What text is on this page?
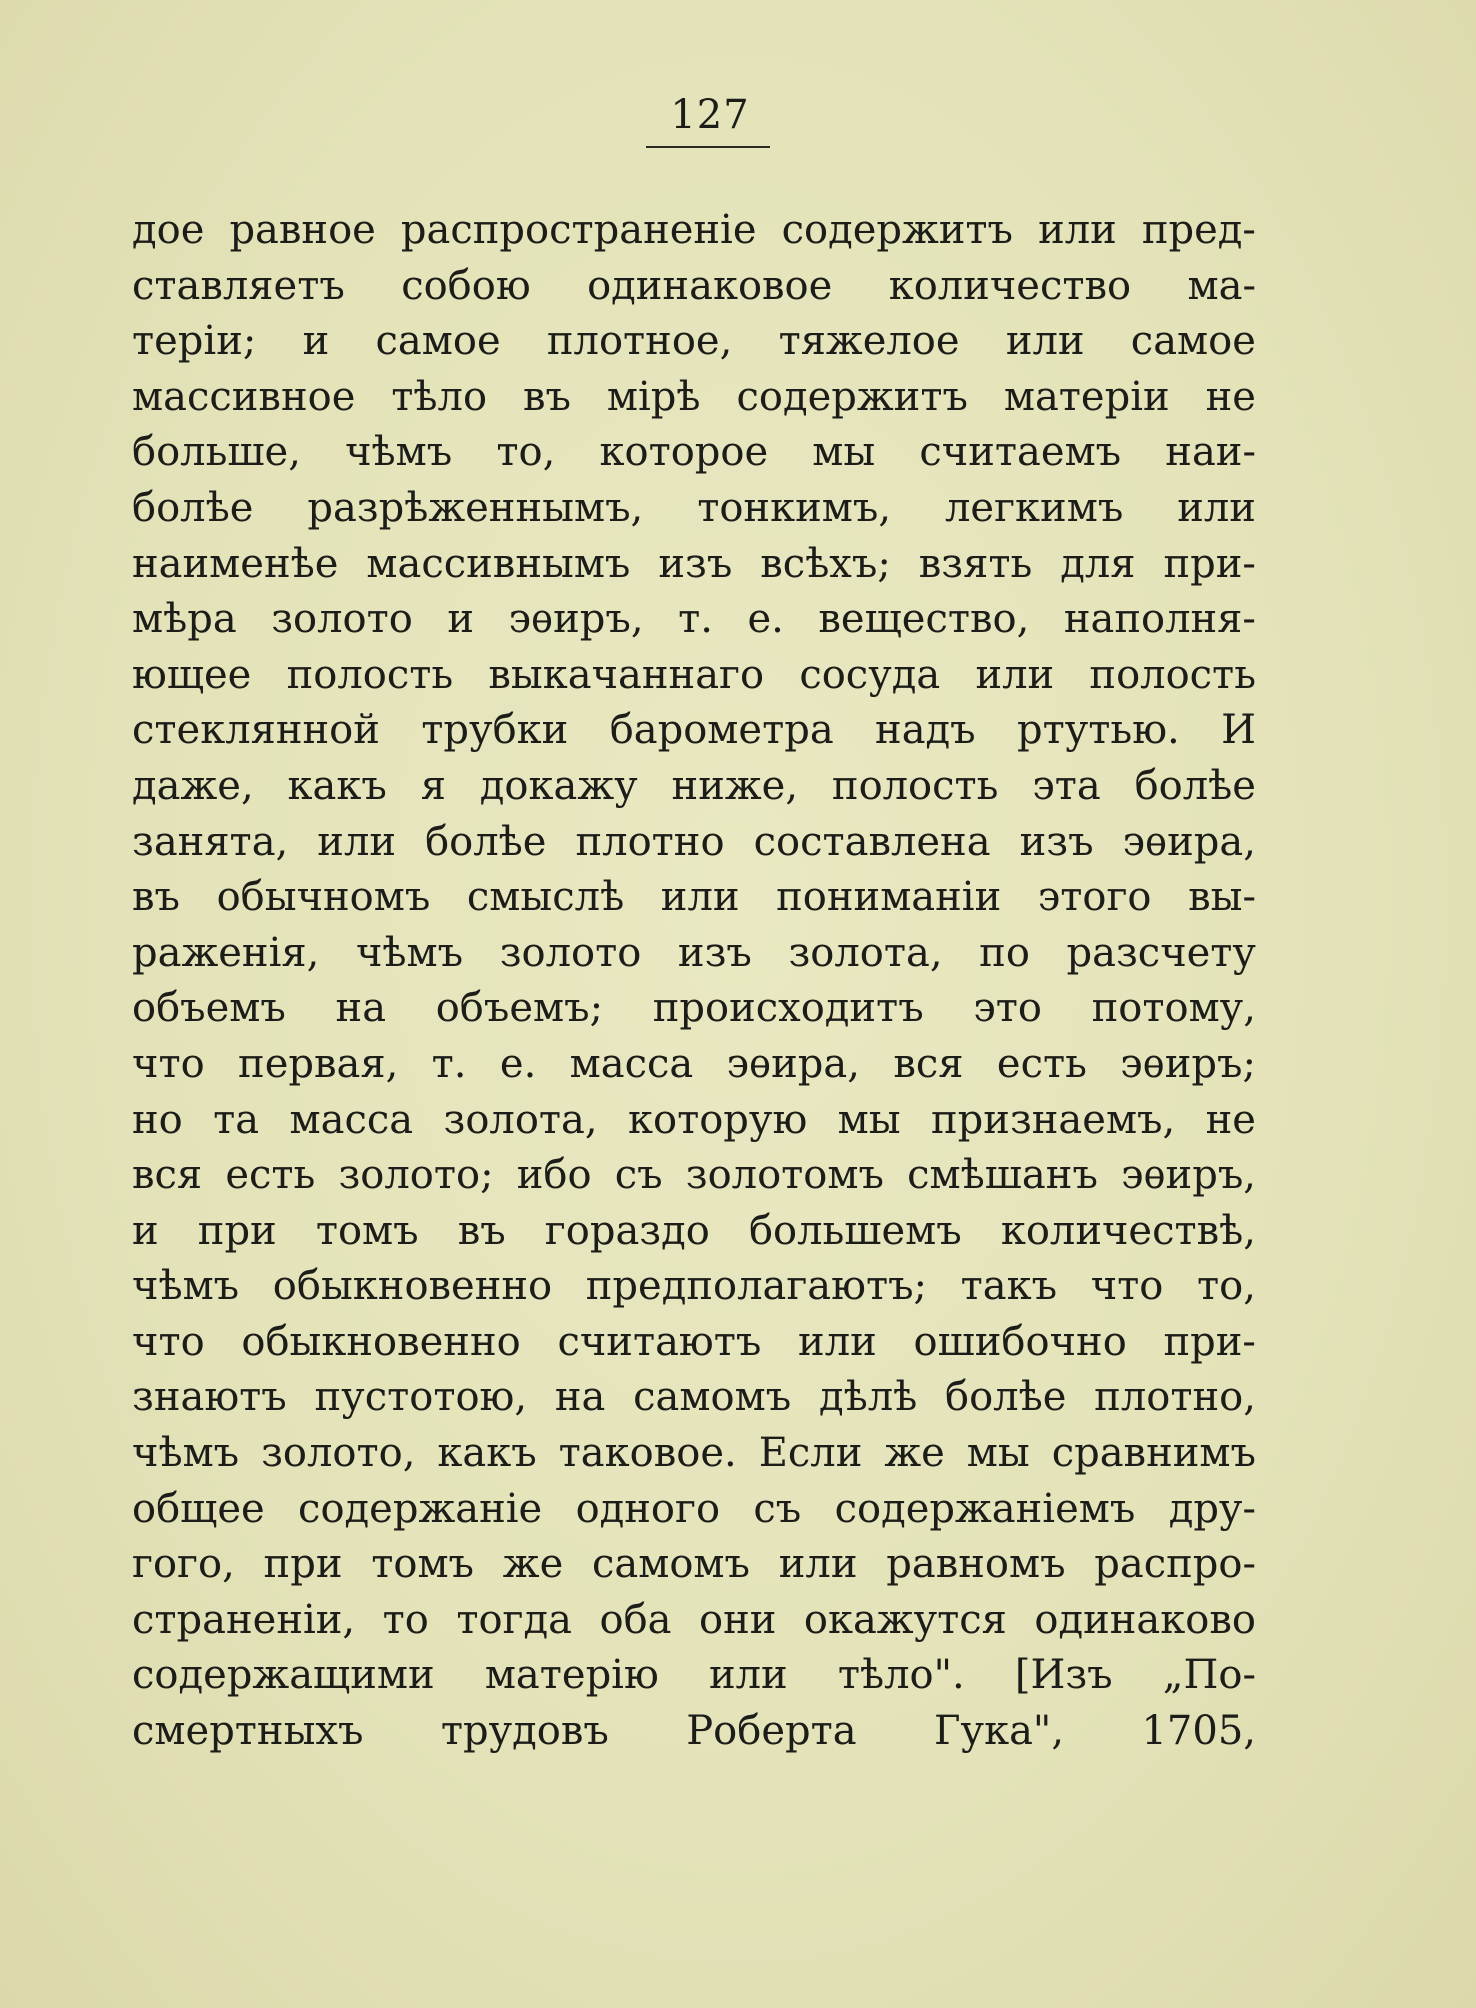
127
дое равное распространеніе содержитъ или пред-
ставляетъ собою одинаковое количество ма-
теріи; и самое плотное, тяжелое или самое
массивное тѣло въ мірѣ содержитъ матеріи не
больше, чѣмъ то, которое мы считаемъ наи-
болѣе разрѣженнымъ, тонкимъ, легкимъ или
наименѣе массивнымъ изъ всѣхъ; взять для при-
мѣра золото и эѳиръ, т. е. вещество, наполня-
ющее полость выкачаннаго сосуда или полость
стеклянной трубки барометра надъ ртутью. И
даже, какъ я докажу ниже, полость эта болѣе
занята, или болѣе плотно составлена изъ эѳира,
въ обычномъ смыслѣ или пониманіи этого вы-
раженія, чѣмъ золото изъ золота, по разсчету
объемъ на объемъ; происходитъ это потому,
что первая, т. е. масса эѳира, вся есть эѳиръ;
но та масса золота, которую мы признаемъ, не
вся есть золото; ибо съ золотомъ смѣшанъ эѳиръ,
и при томъ въ гораздо большемъ количествѣ,
чѣмъ обыкновенно предполагаютъ; такъ что то,
что обыкновенно считаютъ или ошибочно при-
знаютъ пустотою, на самомъ дѣлѣ болѣе плотно,
чѣмъ золото, какъ таковое. Если же мы сравнимъ
общее содержаніе одного съ содержаніемъ дру-
гого, при томъ же самомъ или равномъ распро-
страненіи, то тогда оба они окажутся одинаково
содержащими матерію или тѣло". [Изъ „По-
смертныхъ трудовъ Роберта Гука", 1705,
